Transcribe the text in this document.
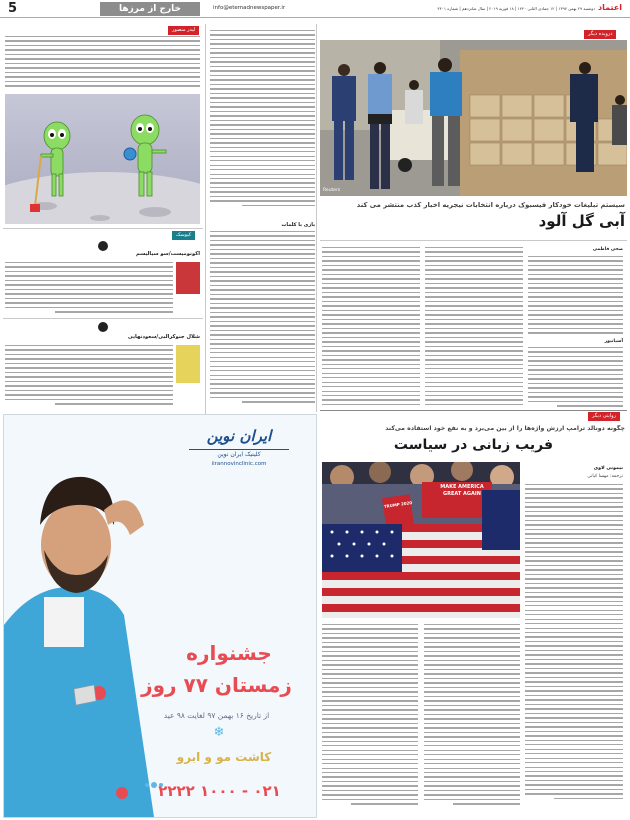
5	خارج از مرزها	info@etemadnewspaper.ir	دوشنبه ۲۹ بهمن ۱۳۹۷ | ۱۲ جمادی الثانی ۱۴۴۰ | ۱۸ فوریه ۲۰۱۹ | سال شانزدهم | شماره ۴۳۰۱ اعتماد
درویده دیگر
Reuters
سیستم تبلیغات خودکار فیسبوک درباره انتخابات نیجریه اخبار کذب منتشر می کند
آبی گل آلود
ضحی قاطمی
آسیانیوز
یازی با کلمات
لیدر منصور
کیوسک
اکونومیست/سو سیالیسم
شلال جنوکرالبی/سعودنهایی
روایتی دیگر
چگونه دونالد ترامپ ارزش واژه‌ها را از بین می‌برد و به نفع خود استفاده می‌کند
فریب زبانی در سیاست
MAKE AMERICA GREAT AGAIN
TRUMP 2020
نیمونی لاوی
ترجمه: مهسا کیانی
ایران نوین
کلینیک ایران نوین
iirannovinclinic.com
جشنواره
زمستان ۷۷ روز
از تاریخ ۱۶ بهمن ۹۷ لغایت ۹۸ عید
❄
کاشت مو و ابرو
۰۲۱ - ۱۰۰۰ ۲۲۲۲
